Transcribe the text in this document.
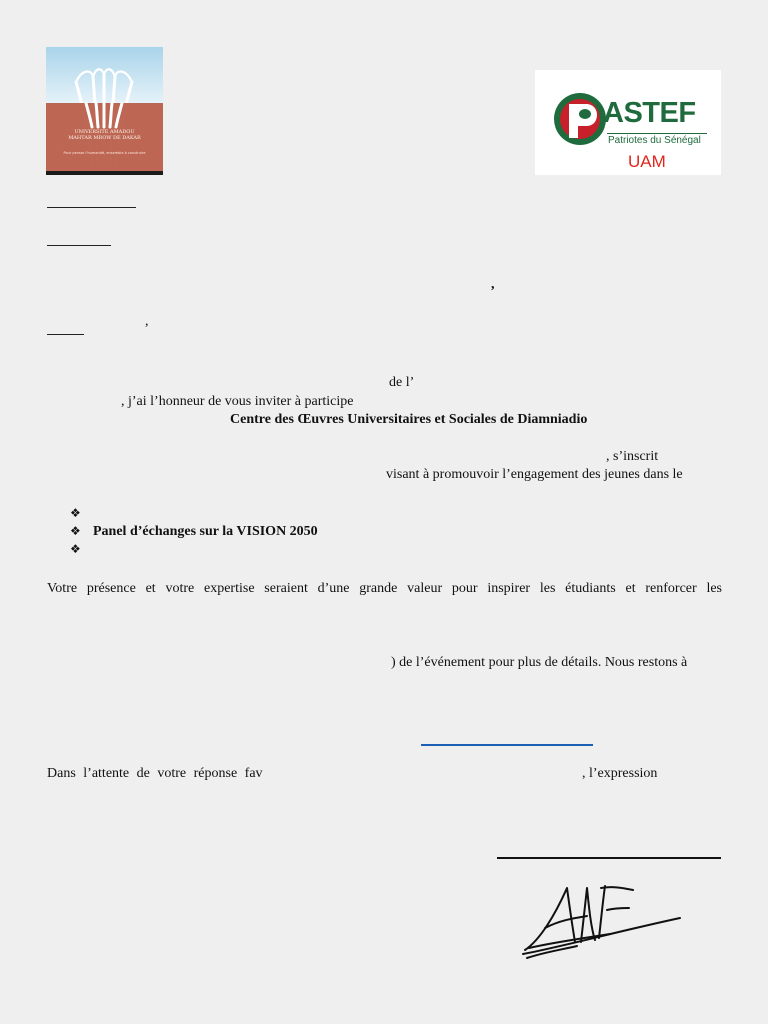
UNIVERSITE AMADOU MAHTAR MBOW DE DAKAR
Pour penser l'humanité, ensemble à construire
ASTEF
Patriotes du Sénégal
UAM
,
,
de l’
, j’ai l’honneur de vous inviter à participe
Centre des Œuvres Universitaires et Sociales de Diamniadio
, s’inscrit
visant à promouvoir l’engagement des jeunes dans le
❖
❖ Panel d’échanges sur la VISION 2050
❖
Votre présence et votre expertise seraient d’une grande valeur pour inspirer les étudiants et renforcer les
) de l’événement pour plus de détails. Nous restons à
Dans l’attente de votre réponse fav	, l’expression
